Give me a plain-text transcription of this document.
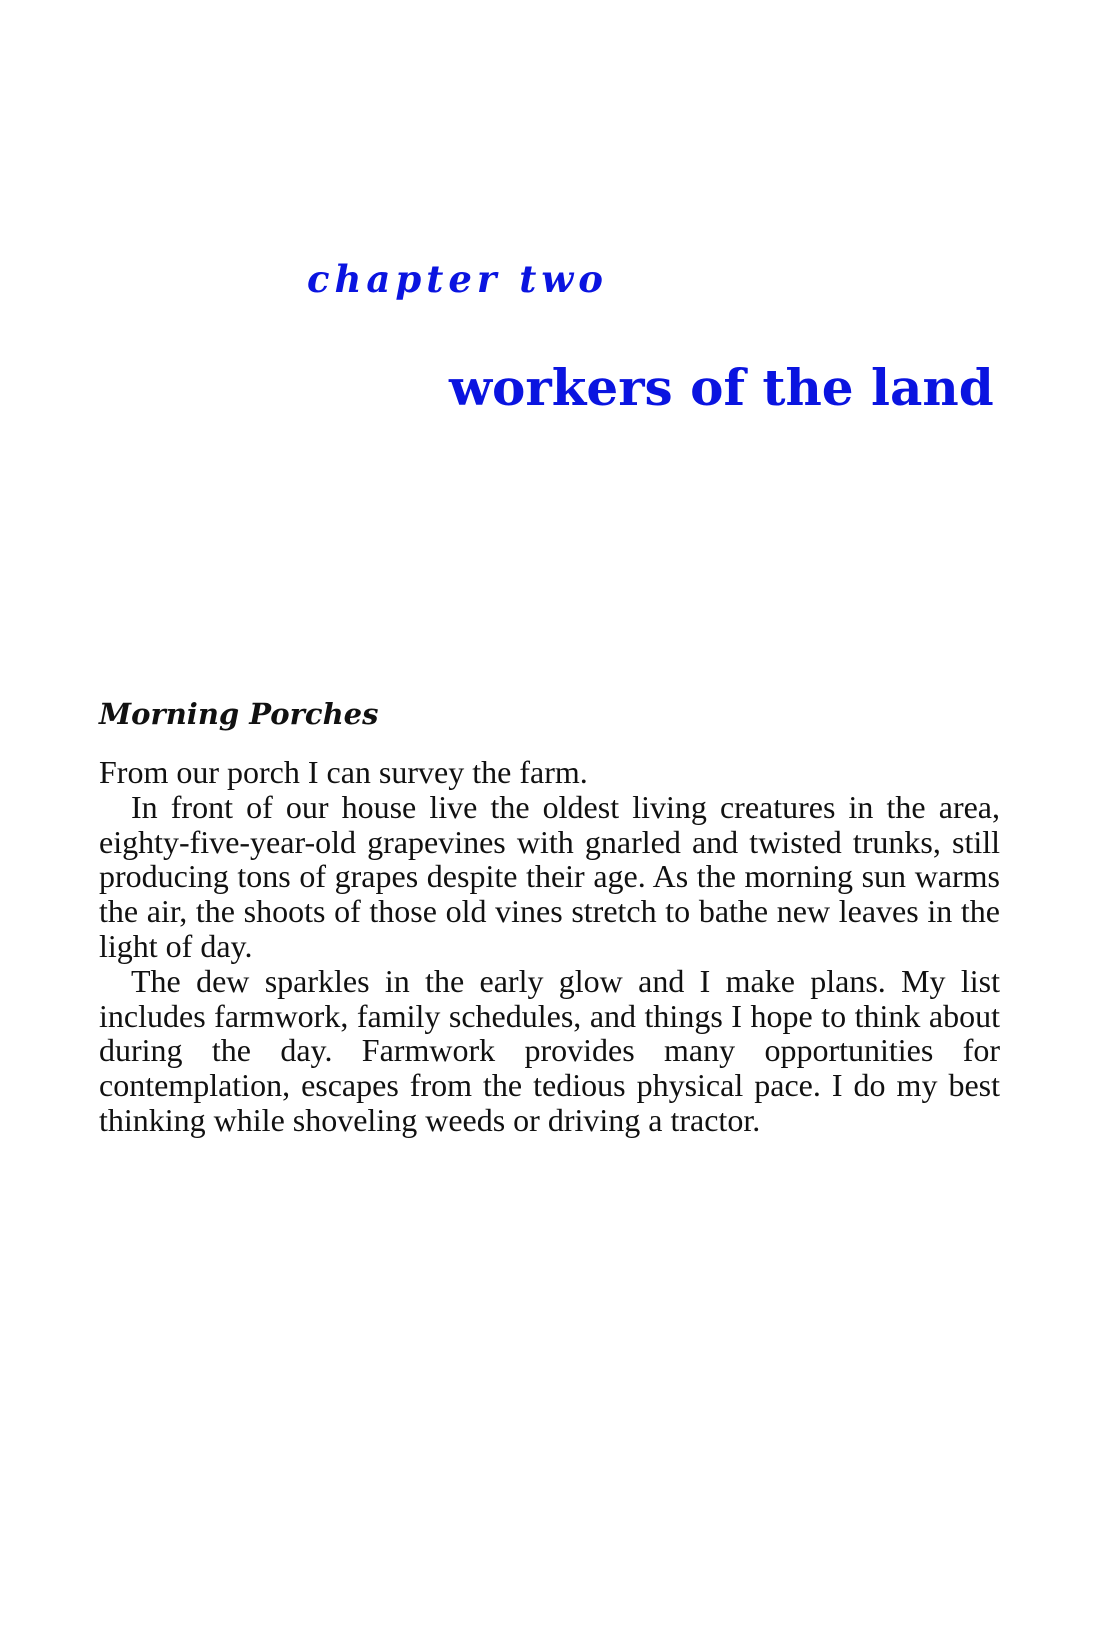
chapter two
workers of the land
Morning Porches

From our porch I can survey the farm.

In front of our house live the oldest living creatures in the area, eighty-five-year-old grapevines with gnarled and twisted trunks, still producing tons of grapes despite their age. As the morning sun warms the air, the shoots of those old vines stretch to bathe new leaves in the light of day.

The dew sparkles in the early glow and I make plans. My list includes farmwork, family schedules, and things I hope to think about during the day. Farmwork provides many opportunities for contemplation, escapes from the tedious physical pace. I do my best thinking while shoveling weeds or driving a tractor.
